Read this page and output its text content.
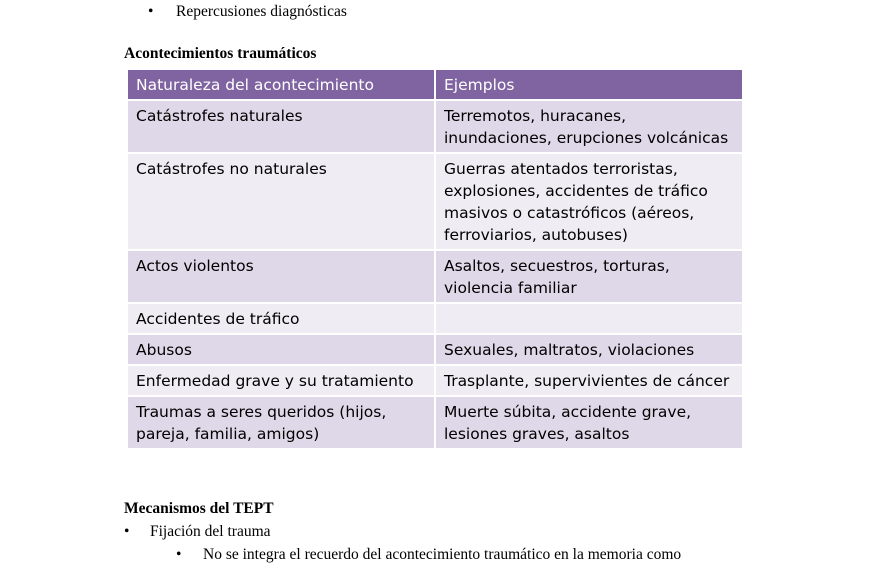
• Repercusiones diagnósticas
Acontecimientos traumáticos
Naturaleza del acontecimiento	Ejemplos
Catástrofes naturales	Terremotos, huracanes, inundaciones, erupciones volcánicas
Catástrofes no naturales	Guerras atentados terroristas, explosiones, accidentes de tráfico masivos o catastróficos (aéreos, ferroviarios, autobuses)
Actos violentos	Asaltos, secuestros, torturas, violencia familiar
Accidentes de tráfico	
Abusos	Sexuales, maltratos, violaciones
Enfermedad grave y su tratamiento	Trasplante, supervivientes de cáncer
Traumas a seres queridos (hijos, pareja, familia, amigos)	Muerte súbita, accidente grave, lesiones graves, asaltos
Mecanismos del TEPT
• Fijación del trauma
• No se integra el recuerdo del acontecimiento traumático en la memoria como
